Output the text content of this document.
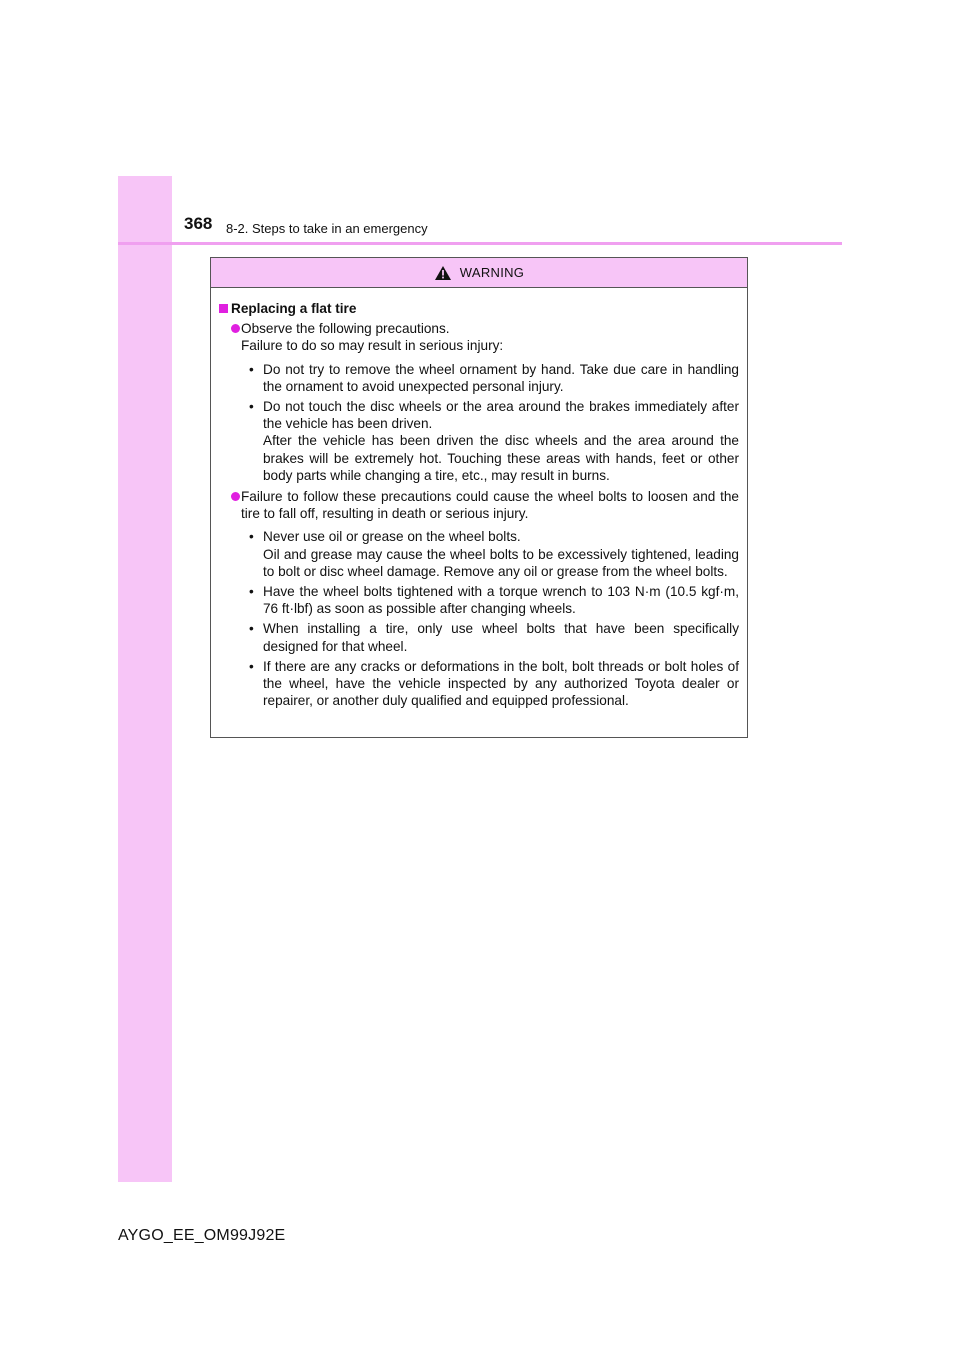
368 8-2. Steps to take in an emergency
WARNING
Replacing a flat tire
Observe the following precautions.
Failure to do so may result in serious injury:
• Do not try to remove the wheel ornament by hand. Take due care in handling the ornament to avoid unexpected personal injury.
• Do not touch the disc wheels or the area around the brakes immediately after the vehicle has been driven.
After the vehicle has been driven the disc wheels and the area around the brakes will be extremely hot. Touching these areas with hands, feet or other body parts while changing a tire, etc., may result in burns.
Failure to follow these precautions could cause the wheel bolts to loosen and the tire to fall off, resulting in death or serious injury.
• Never use oil or grease on the wheel bolts.
Oil and grease may cause the wheel bolts to be excessively tightened, leading to bolt or disc wheel damage. Remove any oil or grease from the wheel bolts.
• Have the wheel bolts tightened with a torque wrench to 103 N·m (10.5 kgf·m, 76 ft·lbf) as soon as possible after changing wheels.
• When installing a tire, only use wheel bolts that have been specifically designed for that wheel.
• If there are any cracks or deformations in the bolt, bolt threads or bolt holes of the wheel, have the vehicle inspected by any authorized Toyota dealer or repairer, or another duly qualified and equipped professional.
AYGO_EE_OM99J92E
